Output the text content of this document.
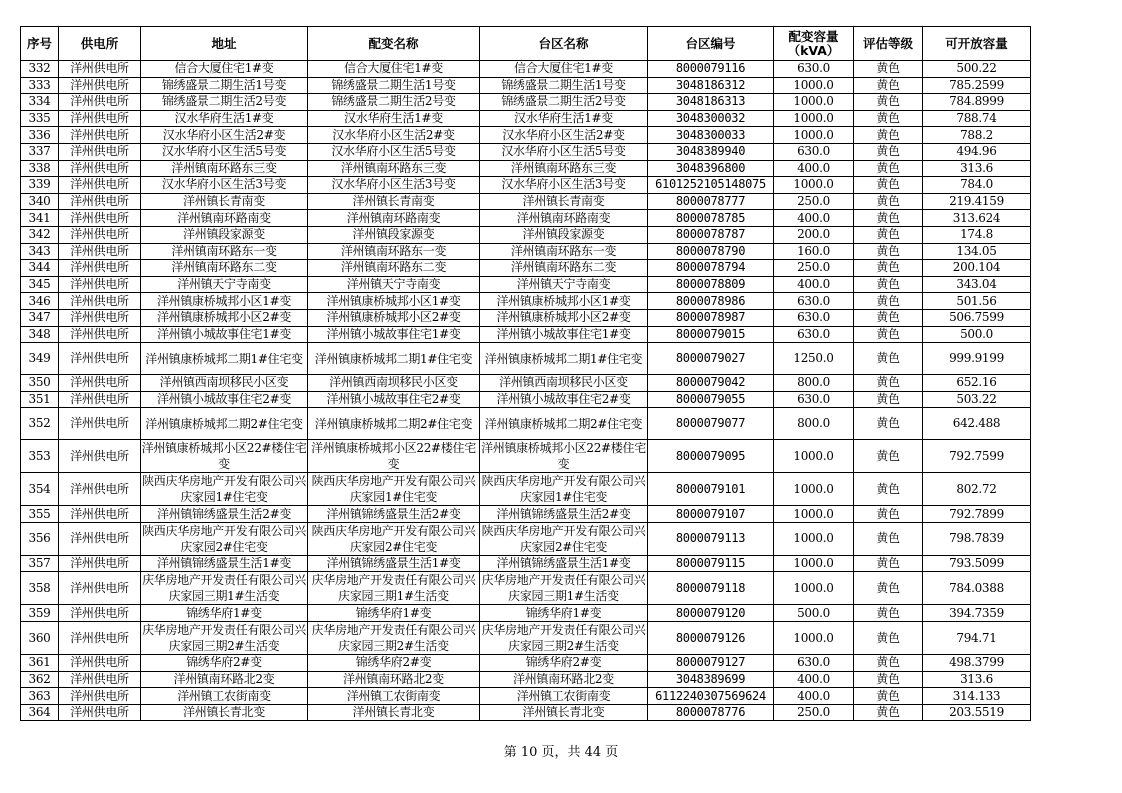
序号	供电所	地址	配变名称	台区名称	台区编号	配变容量
（kVA）	评估等级	可开放容量
332	洋州供电所	信合大厦住宅1#变	信合大厦住宅1#变	信合大厦住宅1#变	8000079116	630.0	黄色	500.22
333	洋州供电所	锦绣盛景二期生活1号变	锦绣盛景二期生活1号变	锦绣盛景二期生活1号变	3048186312	1000.0	黄色	785.2599
334	洋州供电所	锦绣盛景二期生活2号变	锦绣盛景二期生活2号变	锦绣盛景二期生活2号变	3048186313	1000.0	黄色	784.8999
335	洋州供电所	汉水华府生活1#变	汉水华府生活1#变	汉水华府生活1#变	3048300032	1000.0	黄色	788.74
336	洋州供电所	汉水华府小区生活2#变	汉水华府小区生活2#变	汉水华府小区生活2#变	3048300033	1000.0	黄色	788.2
337	洋州供电所	汉水华府小区生活5号变	汉水华府小区生活5号变	汉水华府小区生活5号变	3048389940	630.0	黄色	494.96
338	洋州供电所	洋州镇南环路东三变	洋州镇南环路东三变	洋州镇南环路东三变	3048396800	400.0	黄色	313.6
339	洋州供电所	汉水华府小区生活3号变	汉水华府小区生活3号变	汉水华府小区生活3号变	6101252105148075	1000.0	黄色	784.0
340	洋州供电所	洋州镇长青南变	洋州镇长青南变	洋州镇长青南变	8000078777	250.0	黄色	219.4159
341	洋州供电所	洋州镇南环路南变	洋州镇南环路南变	洋州镇南环路南变	8000078785	400.0	黄色	313.624
342	洋州供电所	洋州镇段家源变	洋州镇段家源变	洋州镇段家源变	8000078787	200.0	黄色	174.8
343	洋州供电所	洋州镇南环路东一变	洋州镇南环路东一变	洋州镇南环路东一变	8000078790	160.0	黄色	134.05
344	洋州供电所	洋州镇南环路东二变	洋州镇南环路东二变	洋州镇南环路东二变	8000078794	250.0	黄色	200.104
345	洋州供电所	洋州镇天宁寺南变	洋州镇天宁寺南变	洋州镇天宁寺南变	8000078809	400.0	黄色	343.04
346	洋州供电所	洋州镇康桥城邦小区1#变	洋州镇康桥城邦小区1#变	洋州镇康桥城邦小区1#变	8000078986	630.0	黄色	501.56
347	洋州供电所	洋州镇康桥城邦小区2#变	洋州镇康桥城邦小区2#变	洋州镇康桥城邦小区2#变	8000078987	630.0	黄色	506.7599
348	洋州供电所	洋州镇小城故事住宅1#变	洋州镇小城故事住宅1#变	洋州镇小城故事住宅1#变	8000079015	630.0	黄色	500.0
349	洋州供电所	洋州镇康桥城邦二期1#住宅变	洋州镇康桥城邦二期1#住宅变	洋州镇康桥城邦二期1#住宅变	8000079027	1250.0	黄色	999.9199
350	洋州供电所	洋州镇西南坝移民小区变	洋州镇西南坝移民小区变	洋州镇西南坝移民小区变	8000079042	800.0	黄色	652.16
351	洋州供电所	洋州镇小城故事住宅2#变	洋州镇小城故事住宅2#变	洋州镇小城故事住宅2#变	8000079055	630.0	黄色	503.22
352	洋州供电所	洋州镇康桥城邦二期2#住宅变	洋州镇康桥城邦二期2#住宅变	洋州镇康桥城邦二期2#住宅变	8000079077	800.0	黄色	642.488
353	洋州供电所	洋州镇康桥城邦小区22#楼住宅变	洋州镇康桥城邦小区22#楼住宅变	洋州镇康桥城邦小区22#楼住宅变	8000079095	1000.0	黄色	792.7599
354	洋州供电所	陕西庆华房地产开发有限公司兴庆家园1#住宅变	陕西庆华房地产开发有限公司兴庆家园1#住宅变	陕西庆华房地产开发有限公司兴庆家园1#住宅变	8000079101	1000.0	黄色	802.72
355	洋州供电所	洋州镇锦绣盛景生活2#变	洋州镇锦绣盛景生活2#变	洋州镇锦绣盛景生活2#变	8000079107	1000.0	黄色	792.7899
356	洋州供电所	陕西庆华房地产开发有限公司兴庆家园2#住宅变	陕西庆华房地产开发有限公司兴庆家园2#住宅变	陕西庆华房地产开发有限公司兴庆家园2#住宅变	8000079113	1000.0	黄色	798.7839
357	洋州供电所	洋州镇锦绣盛景生活1#变	洋州镇锦绣盛景生活1#变	洋州镇锦绣盛景生活1#变	8000079115	1000.0	黄色	793.5099
358	洋州供电所	庆华房地产开发责任有限公司兴庆家园三期1#生活变	庆华房地产开发责任有限公司兴庆家园三期1#生活变	庆华房地产开发责任有限公司兴庆家园三期1#生活变	8000079118	1000.0	黄色	784.0388
359	洋州供电所	锦绣华府1#变	锦绣华府1#变	锦绣华府1#变	8000079120	500.0	黄色	394.7359
360	洋州供电所	庆华房地产开发责任有限公司兴庆家园三期2#生活变	庆华房地产开发责任有限公司兴庆家园三期2#生活变	庆华房地产开发责任有限公司兴庆家园三期2#生活变	8000079126	1000.0	黄色	794.71
361	洋州供电所	锦绣华府2#变	锦绣华府2#变	锦绣华府2#变	8000079127	630.0	黄色	498.3799
362	洋州供电所	洋州镇南环路北2变	洋州镇南环路北2变	洋州镇南环路北2变	3048389699	400.0	黄色	313.6
363	洋州供电所	洋州镇工农街南变	洋州镇工农街南变	洋州镇工农街南变	6112240307569624	400.0	黄色	314.133
364	洋州供电所	洋州镇长青北变	洋州镇长青北变	洋州镇长青北变	8000078776	250.0	黄色	203.5519
第 10 页，共 44 页
